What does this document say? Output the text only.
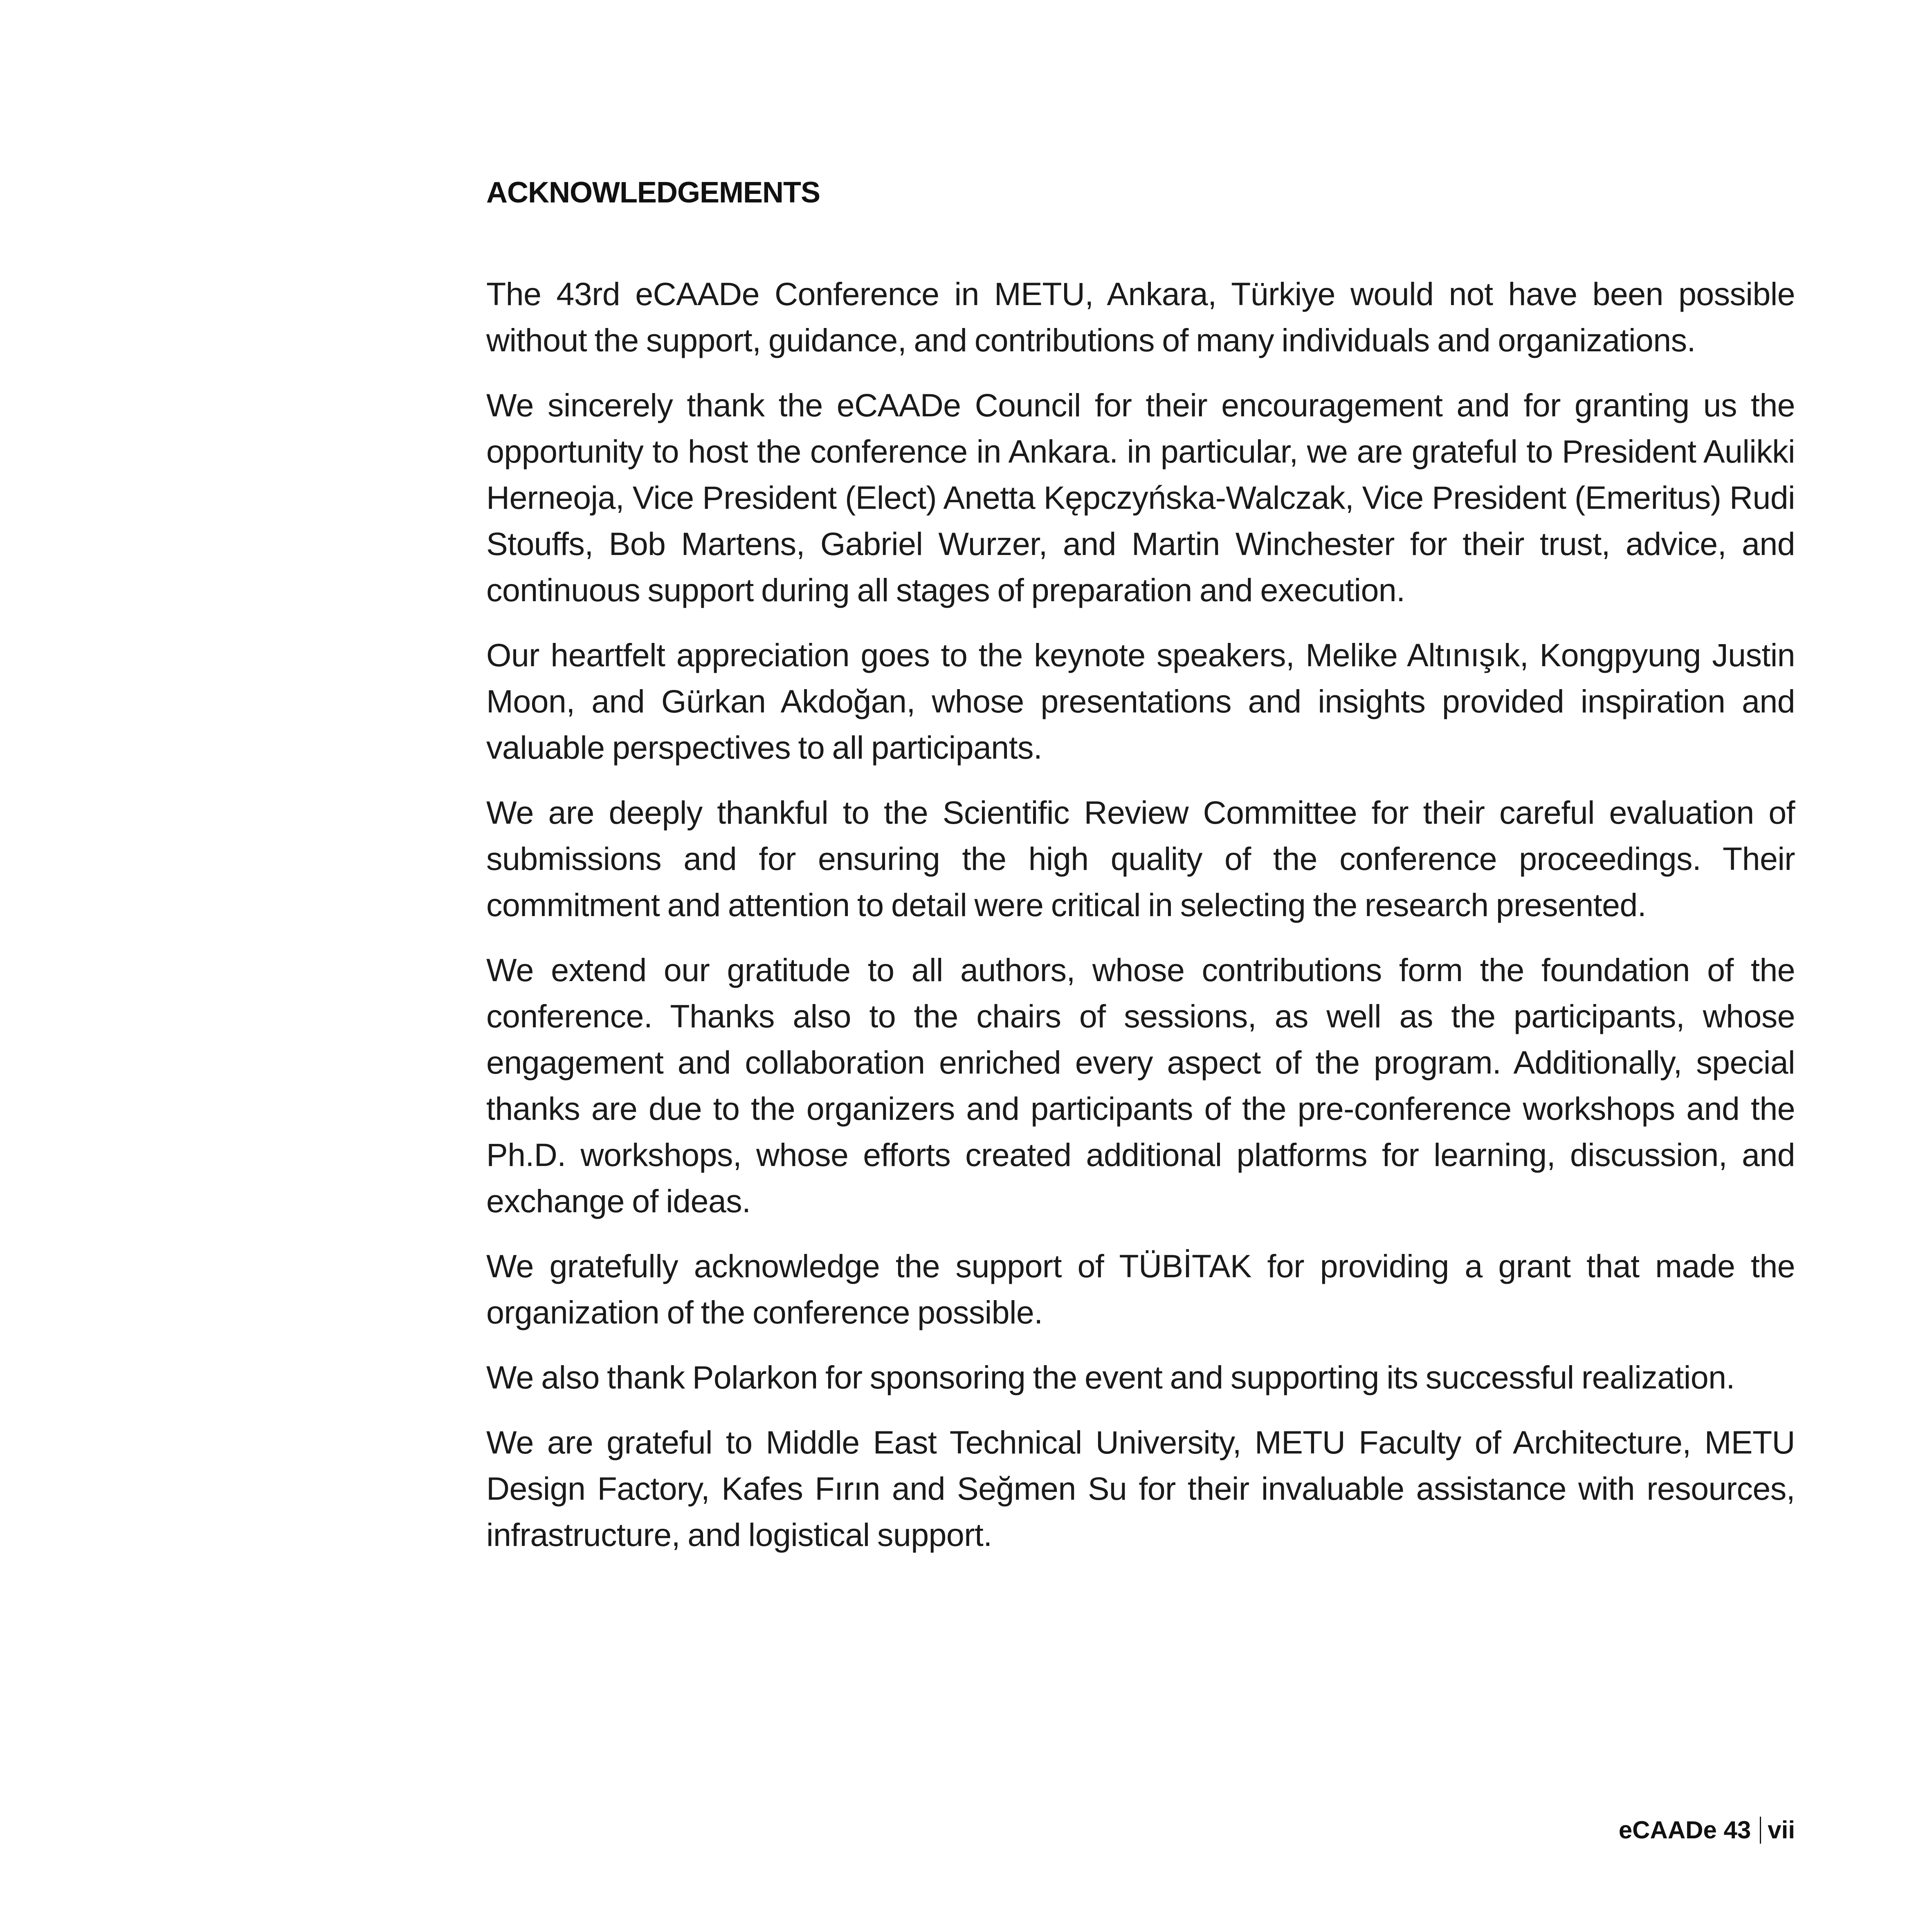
ACKNOWLEDGEMENTS

The 43rd eCAADe Conference in METU, Ankara, Türkiye would not have been possible without the support, guidance, and contributions of many individuals and organizations.

We sincerely thank the eCAADe Council for their encouragement and for granting us the opportunity to host the conference in Ankara. in particular, we are grateful to President Aulikki Herneoja, Vice President (Elect) Anetta Kępczyńska-Walczak, Vice President (Emeritus) Rudi Stouffs, Bob Martens, Gabriel Wurzer, and Martin Winchester for their trust, advice, and continuous support during all stages of preparation and execution.

Our heartfelt appreciation goes to the keynote speakers, Melike Altınışık, Kongpyung Justin Moon, and Gürkan Akdoğan, whose presentations and insights provided inspiration and valuable perspectives to all participants.

We are deeply thankful to the Scientific Review Committee for their careful evaluation of submissions and for ensuring the high quality of the conference proceedings. Their commitment and attention to detail were critical in selecting the research presented.

We extend our gratitude to all authors, whose contributions form the foundation of the conference. Thanks also to the chairs of sessions, as well as the participants, whose engagement and collaboration enriched every aspect of the program. Additionally, special thanks are due to the organizers and participants of the pre-conference workshops and the Ph.D. workshops, whose efforts created additional platforms for learning, discussion, and exchange of ideas.

We gratefully acknowledge the support of TÜBİTAK for providing a grant that made the organization of the conference possible.

We also thank Polarkon for sponsoring the event and supporting its successful realization.

We are grateful to Middle East Technical University, METU Faculty of Architecture, METU Design Factory, Kafes Fırın and Seğmen Su for their invaluable assistance with resources, infrastructure, and logistical support.

eCAADe 43 vii
